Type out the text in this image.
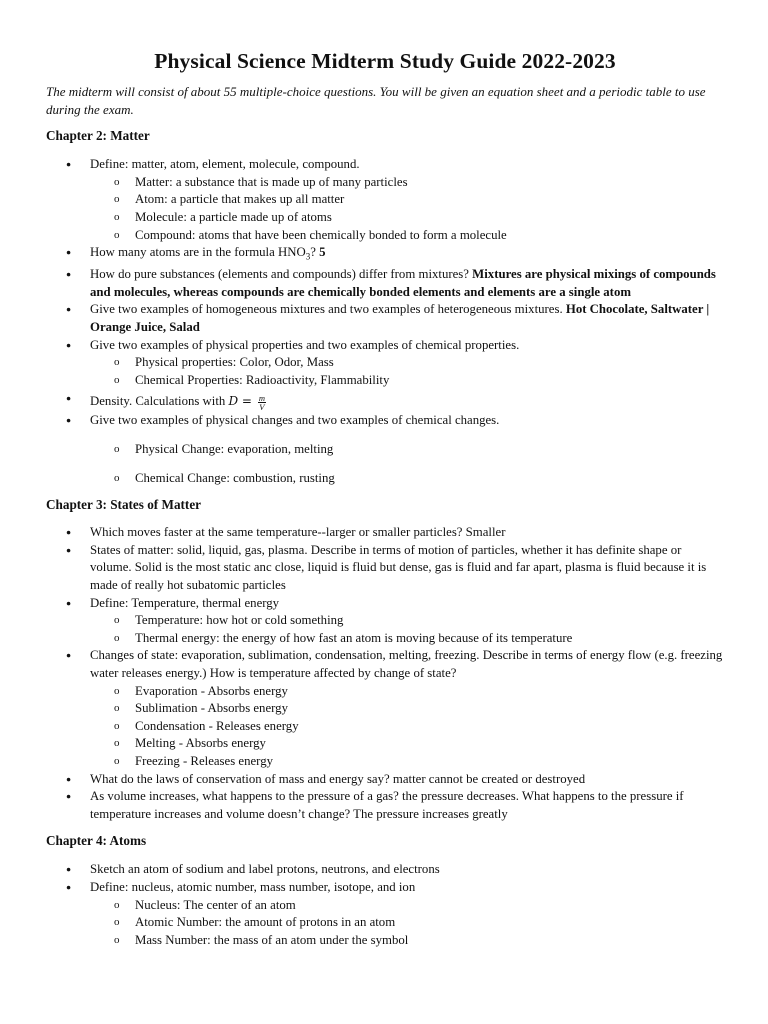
Physical Science Midterm Study Guide 2022-2023

The midterm will consist of about 55 multiple-choice questions. You will be given an equation sheet and a periodic table to use during the exam.

Chapter 2: Matter
● Define: matter, atom, element, molecule, compound.
o Matter: a substance that is made up of many particles
o Atom: a particle that makes up all matter
o Molecule: a particle made up of atoms
o Compound: atoms that have been chemically bonded to form a molecule
● How many atoms are in the formula $HNO_3$? 5
● How do pure substances (elements and compounds) differ from mixtures? Mixtures are physical mixings of compounds and molecules, whereas compounds are chemically bonded elements and elements are a single atom
● Give two examples of homogeneous mixtures and two examples of heterogeneous mixtures. Hot Chocolate, Saltwater | Orange Juice, Salad
● Give two examples of physical properties and two examples of chemical properties.
o Physical properties: Color, Odor, Mass
o Chemical Properties: Radioactivity, Flammability
● Density. Calculations with $D = \frac{m}{V}$
● Give two examples of physical changes and two examples of chemical changes.
o Physical Change: evaporation, melting
o Chemical Change: combustion, rusting
Chapter 3: States of Matter
● Which moves faster at the same temperature--larger or smaller particles? Smaller
● States of matter: solid, liquid, gas, plasma. Describe in terms of motion of particles, whether it has definite shape or volume. Solid is the most static anc close, liquid is fluid but dense, gas is fluid and far apart, plasma is fluid because it is made of really hot subatomic particles
● Define: Temperature, thermal energy
o Temperature: how hot or cold something
o Thermal energy: the energy of how fast an atom is moving because of its temperature
● Changes of state: evaporation, sublimation, condensation, melting, freezing. Describe in terms of energy flow (e.g. freezing water releases energy.) How is temperature affected by change of state?
o Evaporation - Absorbs energy
o Sublimation - Absorbs energy
o Condensation - Releases energy
o Melting - Absorbs energy
o Freezing - Releases energy
● What do the laws of conservation of mass and energy say? matter cannot be created or destroyed
● As volume increases, what happens to the pressure of a gas? the pressure decreases. What happens to the pressure if temperature increases and volume doesn’t change? The pressure increases greatly
Chapter 4: Atoms
● Sketch an atom of sodium and label protons, neutrons, and electrons
● Define: nucleus, atomic number, mass number, isotope, and ion
o Nucleus: The center of an atom
o Atomic Number: the amount of protons in an atom
o Mass Number: the mass of an atom under the symbol
